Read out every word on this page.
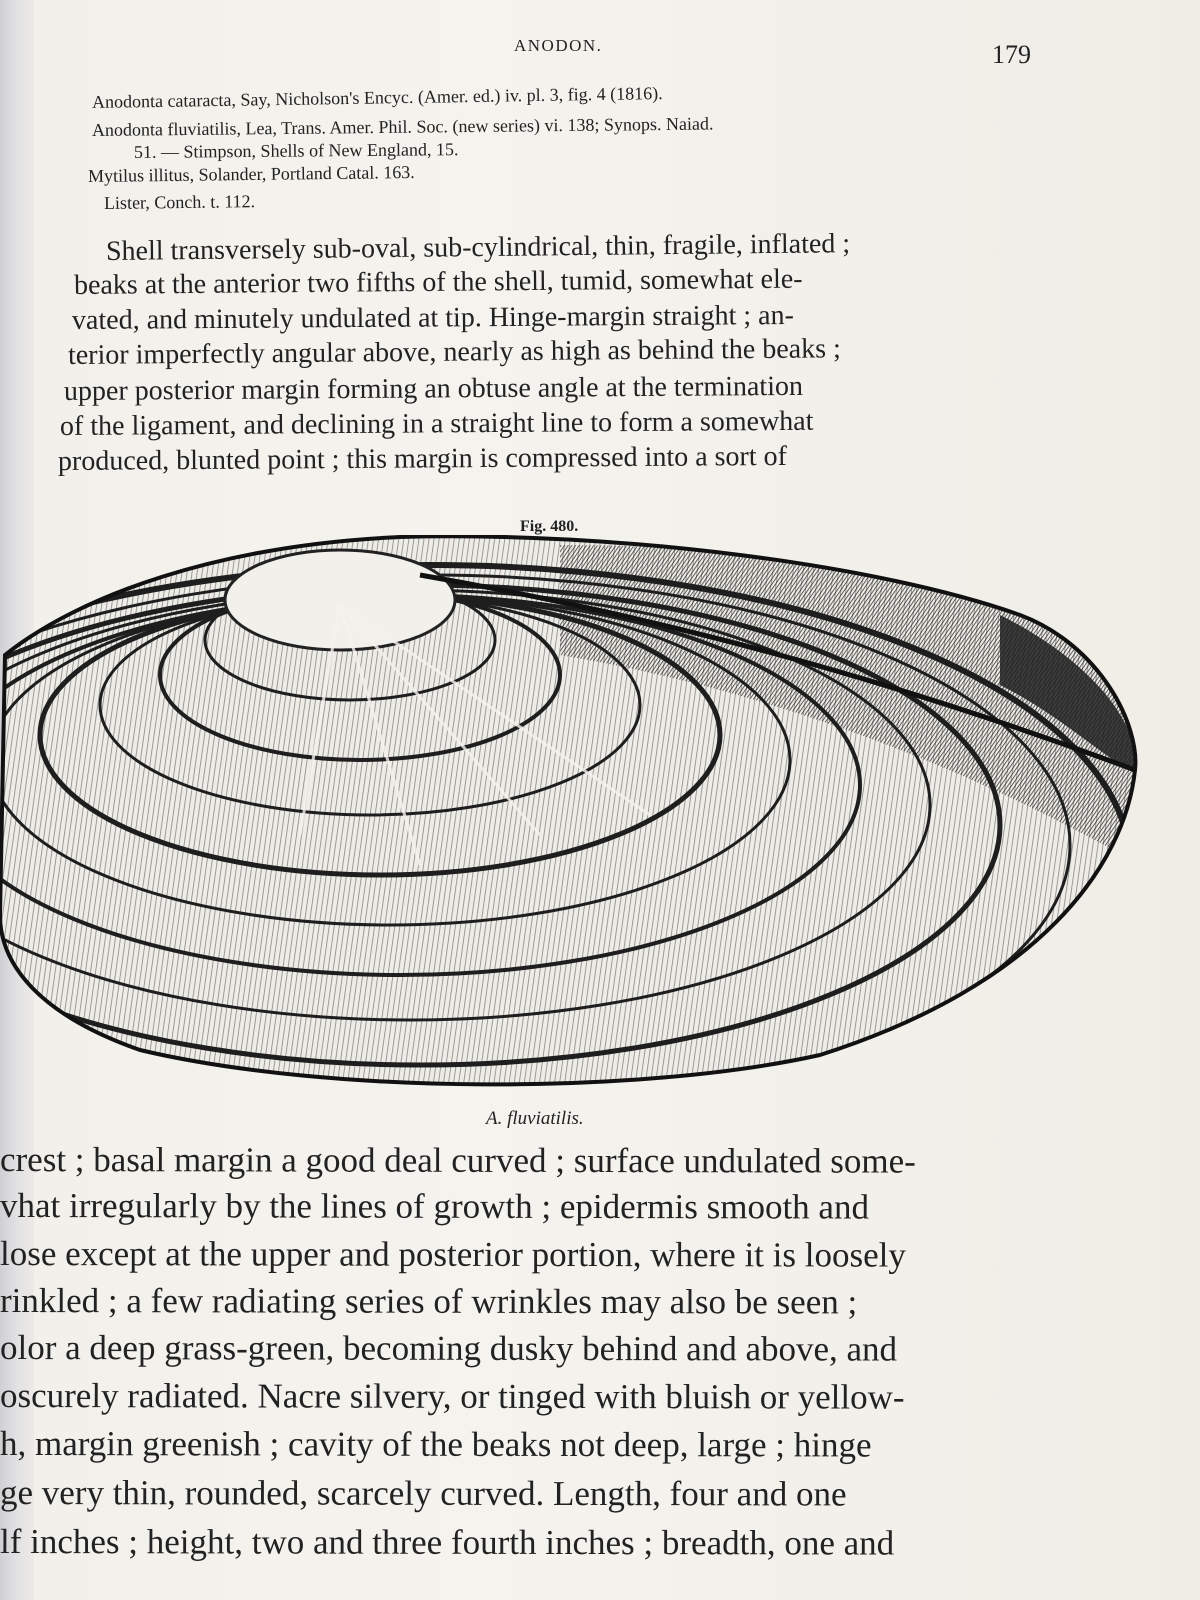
ANODON.	179
Anodonta cataracta, Say, Nicholson's Encyc. (Amer. ed.) iv. pl. 3, fig. 4 (1816).
Anodonta fluviatilis, Lea, Trans. Amer. Phil. Soc. (new series) vi. 138; Synops. Naiad.
51. — Stimpson, Shells of New England, 15.
Mytilus illitus, Solander, Portland Catal. 163.
Lister, Conch. t. 112.
Shell transversely sub-oval, sub-cylindrical, thin, fragile, inflated ;
beaks at the anterior two fifths of the shell, tumid, somewhat ele-
vated, and minutely undulated at tip. Hinge-margin straight ; an-
terior imperfectly angular above, nearly as high as behind the beaks ;
upper posterior margin forming an obtuse angle at the termination
of the ligament, and declining in a straight line to form a somewhat
produced, blunted point ; this margin is compressed into a sort of
Fig. 480.
A. fluviatilis.
crest ; basal margin a good deal curved ; surface undulated some-
vhat irregularly by the lines of growth ; epidermis smooth and
lose except at the upper and posterior portion, where it is loosely
rinkled ; a few radiating series of wrinkles may also be seen ;
olor a deep grass-green, becoming dusky behind and above, and
oscurely radiated. Nacre silvery, or tinged with bluish or yellow-
h, margin greenish ; cavity of the beaks not deep, large ; hinge
ge very thin, rounded, scarcely curved. Length, four and one
lf inches ; height, two and three fourth inches ; breadth, one and
